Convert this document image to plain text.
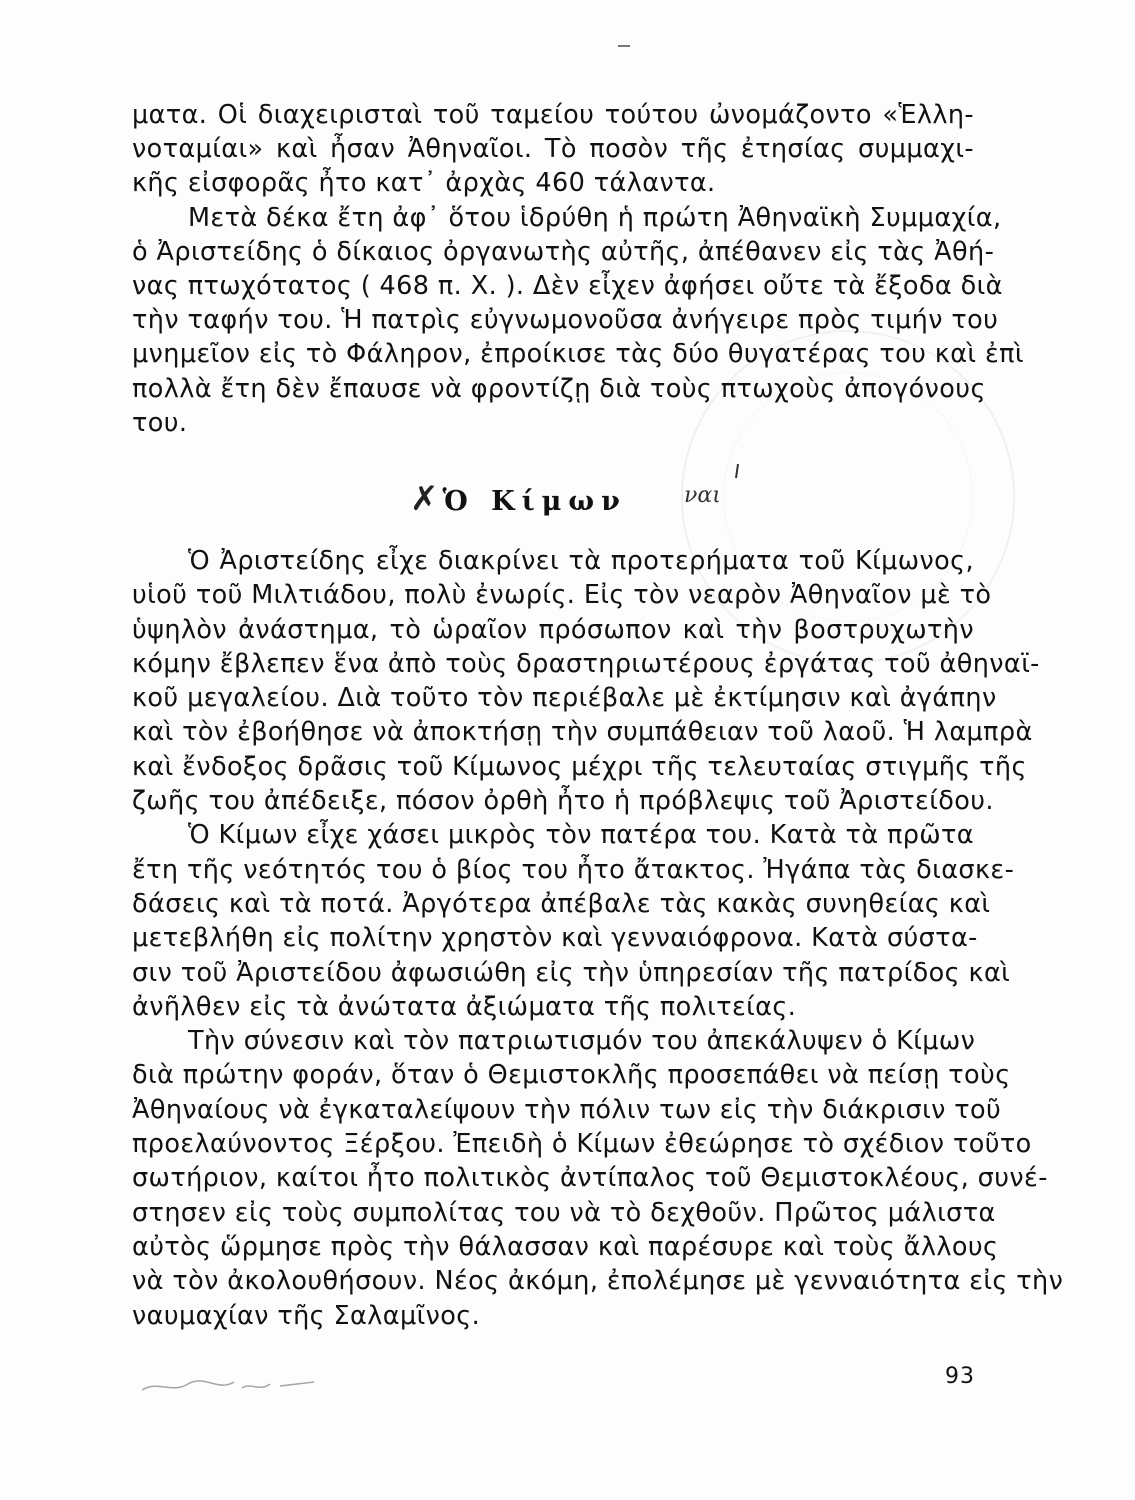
ματα. Οἱ διαχειρισταὶ τοῦ ταμείου τούτου ὠνομάζοντο «Ἑλλη-
νοταμίαι» καὶ ἦσαν Ἀθηναῖοι. Τὸ ποσὸν τῆς ἐτησίας συμμαχι-
κῆς εἰσφορᾶς ἦτο κατ᾽ ἀρχὰς 460 τάλαντα.
Μετὰ δέκα ἔτη ἀφ᾽ ὅτου ἱδρύθη ἡ πρώτη Ἀθηναϊκὴ Συμμαχία,
ὁ Ἀριστείδης ὁ δίκαιος ὀργανωτὴς αὐτῆς, ἀπέθανεν εἰς τὰς Ἀθή-
νας πτωχότατος ( 468 π. Χ. ). Δὲν εἶχεν ἀφήσει οὔτε τὰ ἔξοδα διὰ
τὴν ταφήν του. Ἡ πατρὶς εὐγνωμονοῦσα ἀνήγειρε πρὸς τιμήν του
μνημεῖον εἰς τὸ Φάληρον, ἐπροίκισε τὰς δύο θυγατέρας του καὶ ἐπὶ
πολλὰ ἔτη δὲν ἔπαυσε νὰ φροντίζῃ διὰ τοὺς πτωχοὺς ἀπογόνους
του.
✗ Ὁ Κίμων	ναι
Ὁ Ἀριστείδης εἶχε διακρίνει τὰ προτερήματα τοῦ Κίμωνος,
υἱοῦ τοῦ Μιλτιάδου, πολὺ ἐνωρίς. Εἰς τὸν νεαρὸν Ἀθηναῖον μὲ τὸ
ὑψηλὸν ἀνάστημα, τὸ ὡραῖον πρόσωπον καὶ τὴν βοστρυχωτὴν
κόμην ἔβλεπεν ἕνα ἀπὸ τοὺς δραστηριωτέρους ἐργάτας τοῦ ἀθηναϊ-
κοῦ μεγαλείου. Διὰ τοῦτο τὸν περιέβαλε μὲ ἐκτίμησιν καὶ ἀγάπην
καὶ τὸν ἐβοήθησε νὰ ἀποκτήσῃ τὴν συμπάθειαν τοῦ λαοῦ. Ἡ λαμπρὰ
καὶ ἔνδοξος δρᾶσις τοῦ Κίμωνος μέχρι τῆς τελευταίας στιγμῆς τῆς
ζωῆς του ἀπέδειξε, πόσον ὀρθὴ ἦτο ἡ πρόβλεψις τοῦ Ἀριστείδου.
Ὁ Κίμων εἶχε χάσει μικρὸς τὸν πατέρα του. Κατὰ τὰ πρῶτα
ἔτη τῆς νεότητός του ὁ βίος του ἦτο ἄτακτος. Ἠγάπα τὰς διασκε-
δάσεις καὶ τὰ ποτά. Ἀργότερα ἀπέβαλε τὰς κακὰς συνηθείας καὶ
μετεβλήθη εἰς πολίτην χρηστὸν καὶ γενναιόφρονα. Κατὰ σύστα-
σιν τοῦ Ἀριστείδου ἀφωσιώθη εἰς τὴν ὑπηρεσίαν τῆς πατρίδος καὶ
ἀνῆλθεν εἰς τὰ ἀνώτατα ἀξιώματα τῆς πολιτείας.
Τὴν σύνεσιν καὶ τὸν πατριωτισμόν του ἀπεκάλυψεν ὁ Κίμων
διὰ πρώτην φοράν, ὅταν ὁ Θεμιστοκλῆς προσεπάθει νὰ πείσῃ τοὺς
Ἀθηναίους νὰ ἐγκαταλείψουν τὴν πόλιν των εἰς τὴν διάκρισιν τοῦ
προελαύνοντος Ξέρξου. Ἐπειδὴ ὁ Κίμων ἐθεώρησε τὸ σχέδιον τοῦτο
σωτήριον, καίτοι ἦτο πολιτικὸς ἀντίπαλος τοῦ Θεμιστοκλέους, συνέ-
στησεν εἰς τοὺς συμπολίτας του νὰ τὸ δεχθοῦν. Πρῶτος μάλιστα
αὐτὸς ὥρμησε πρὸς τὴν θάλασσαν καὶ παρέσυρε καὶ τοὺς ἄλλους
νὰ τὸν ἀκολουθήσουν. Νέος ἀκόμη, ἐπολέμησε μὲ γενναιότητα εἰς τὴν
ναυμαχίαν τῆς Σαλαμῖνος.
93
